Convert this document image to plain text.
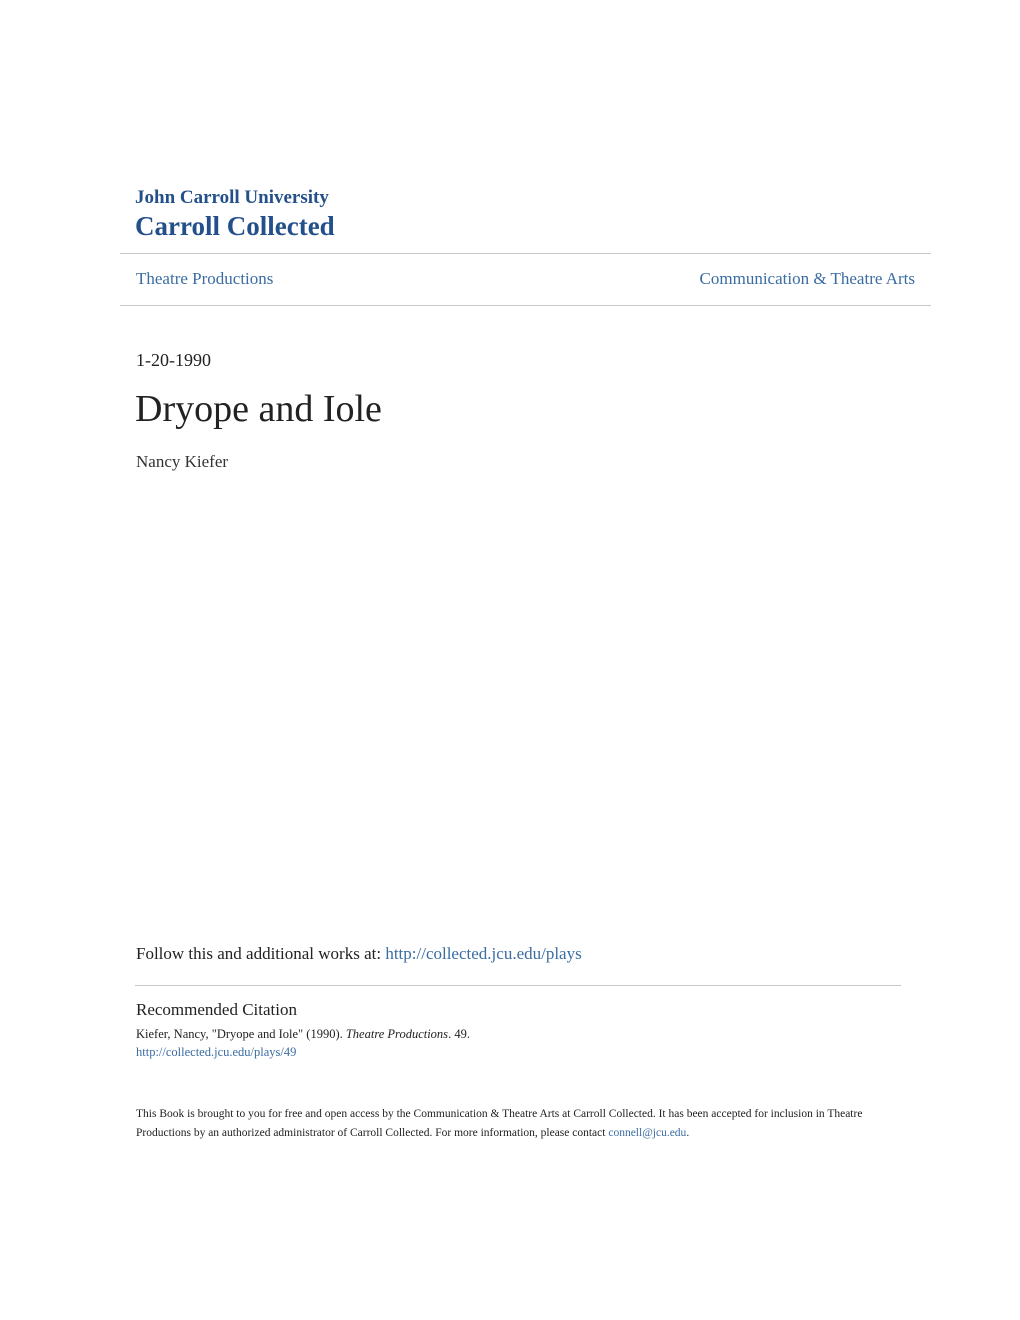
John Carroll University
Carroll Collected
Theatre Productions	Communication & Theatre Arts
1-20-1990
Dryope and Iole
Nancy Kiefer
Follow this and additional works at: http://collected.jcu.edu/plays
Recommended Citation
Kiefer, Nancy, "Dryope and Iole" (1990). Theatre Productions. 49.
http://collected.jcu.edu/plays/49
This Book is brought to you for free and open access by the Communication & Theatre Arts at Carroll Collected. It has been accepted for inclusion in Theatre Productions by an authorized administrator of Carroll Collected. For more information, please contact connell@jcu.edu.
